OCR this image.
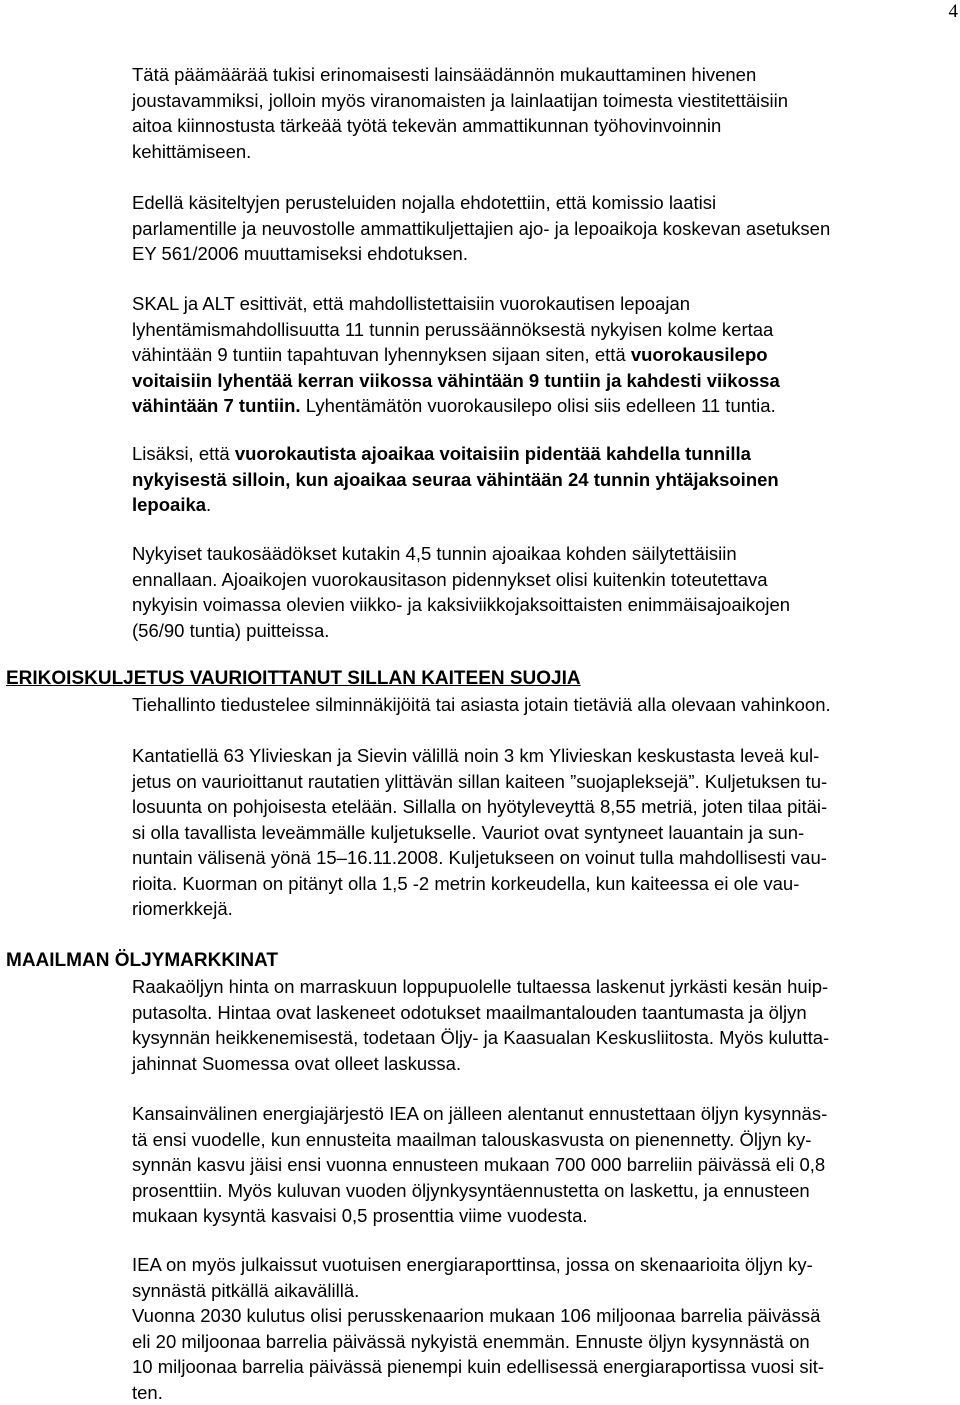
4

Tätä päämäärää tukisi erinomaisesti lainsäädännön mukauttaminen hivenen
joustavammiksi, jolloin myös viranomaisten ja lainlaatijan toimesta viestitettäisiin
aitoa kiinnostusta tärkeää työtä tekevän ammattikunnan työhovinvoinnin
kehittämiseen.

Edellä käsiteltyjen perusteluiden nojalla ehdotettiin, että komissio laatisi
parlamentille ja neuvostolle ammattikuljettajien ajo- ja lepoaikoja koskevan asetuksen
EY 561/2006 muuttamiseksi ehdotuksen.

SKAL ja ALT esittivät, että mahdollistettaisiin vuorokautisen lepoajan
lyhentämismahdollisuutta 11 tunnin perussäännöksestä nykyisen kolme kertaa
vähintään 9 tuntiin tapahtuvan lyhennyksen sijaan siten, että vuorokausilepo
voitaisiin lyhentää kerran viikossa vähintään 9 tuntiin ja kahdesti viikossa
vähintään 7 tuntiin. Lyhentämätön vuorokausilepo olisi siis edelleen 11 tuntia.

Lisäksi, että vuorokautista ajoaikaa voitaisiin pidentää kahdella tunnilla
nykyisestä silloin, kun ajoaikaa seuraa vähintään 24 tunnin yhtäjaksoinen
lepoaika.

Nykyiset taukosäädökset kutakin 4,5 tunnin ajoaikaa kohden säilytettäisiin
ennallaan. Ajoaikojen vuorokausitason pidennykset olisi kuitenkin toteutettava
nykyisin voimassa olevien viikko- ja kaksiviikkojaksoittaisten enimmäisajoaikojen
(56/90 tuntia) puitteissa.

ERIKOISKULJETUS VAURIOITTANUT SILLAN KAITEEN SUOJIA

Tiehallinto tiedustelee silminnäkijöitä tai asiasta jotain tietäviä alla olevaan vahinkoon.

Kantatiellä 63 Ylivieskan ja Sievin välillä noin 3 km Ylivieskan keskustasta leveä kul-
jetus on vaurioittanut rautatien ylittävän sillan kaiteen ”suojapleksejä”. Kuljetuksen tu-
losuunta on pohjoisesta etelään. Sillalla on hyötyleveyttä 8,55 metriä, joten tilaa pitäi-
si olla tavallista leveämmälle kuljetukselle. Vauriot ovat syntyneet lauantain ja sun-
nuntain välisenä yönä 15–16.11.2008. Kuljetukseen on voinut tulla mahdollisesti vau-
rioita. Kuorman on pitänyt olla 1,5 -2 metrin korkeudella, kun kaiteessa ei ole vau-
riomerkkejä.

MAAILMAN ÖLJYMARKKINAT

Raakaöljyn hinta on marraskuun loppupuolelle tultaessa laskenut jyrkästi kesän huip-
putasolta. Hintaa ovat laskeneet odotukset maailmantalouden taantumasta ja öljyn
kysynnän heikkenemisestä, todetaan Öljy- ja Kaasualan Keskusliitosta. Myös kulutta-
jahinnat Suomessa ovat olleet laskussa.

Kansainvälinen energiajärjestö IEA on jälleen alentanut ennustettaan öljyn kysynnäs-
tä ensi vuodelle, kun ennusteita maailman talouskasvusta on pienennetty. Öljyn ky-
synnän kasvu jäisi ensi vuonna ennusteen mukaan 700 000 barreliin päivässä eli 0,8
prosenttiin. Myös kuluvan vuoden öljynkysyntäennustetta on laskettu, ja ennusteen
mukaan kysyntä kasvaisi 0,5 prosenttia viime vuodesta.

IEA on myös julkaissut vuotuisen energiaraporttinsa, jossa on skenaarioita öljyn ky-
synnästä pitkällä aikavälillä.
Vuonna 2030 kulutus olisi perusskenaarion mukaan 106 miljoonaa barrelia päivässä
eli 20 miljoonaa barrelia päivässä nykyistä enemmän. Ennuste öljyn kysynnästä on
10 miljoonaa barrelia päivässä pienempi kuin edellisessä energiaraportissa vuosi sit-
ten.
